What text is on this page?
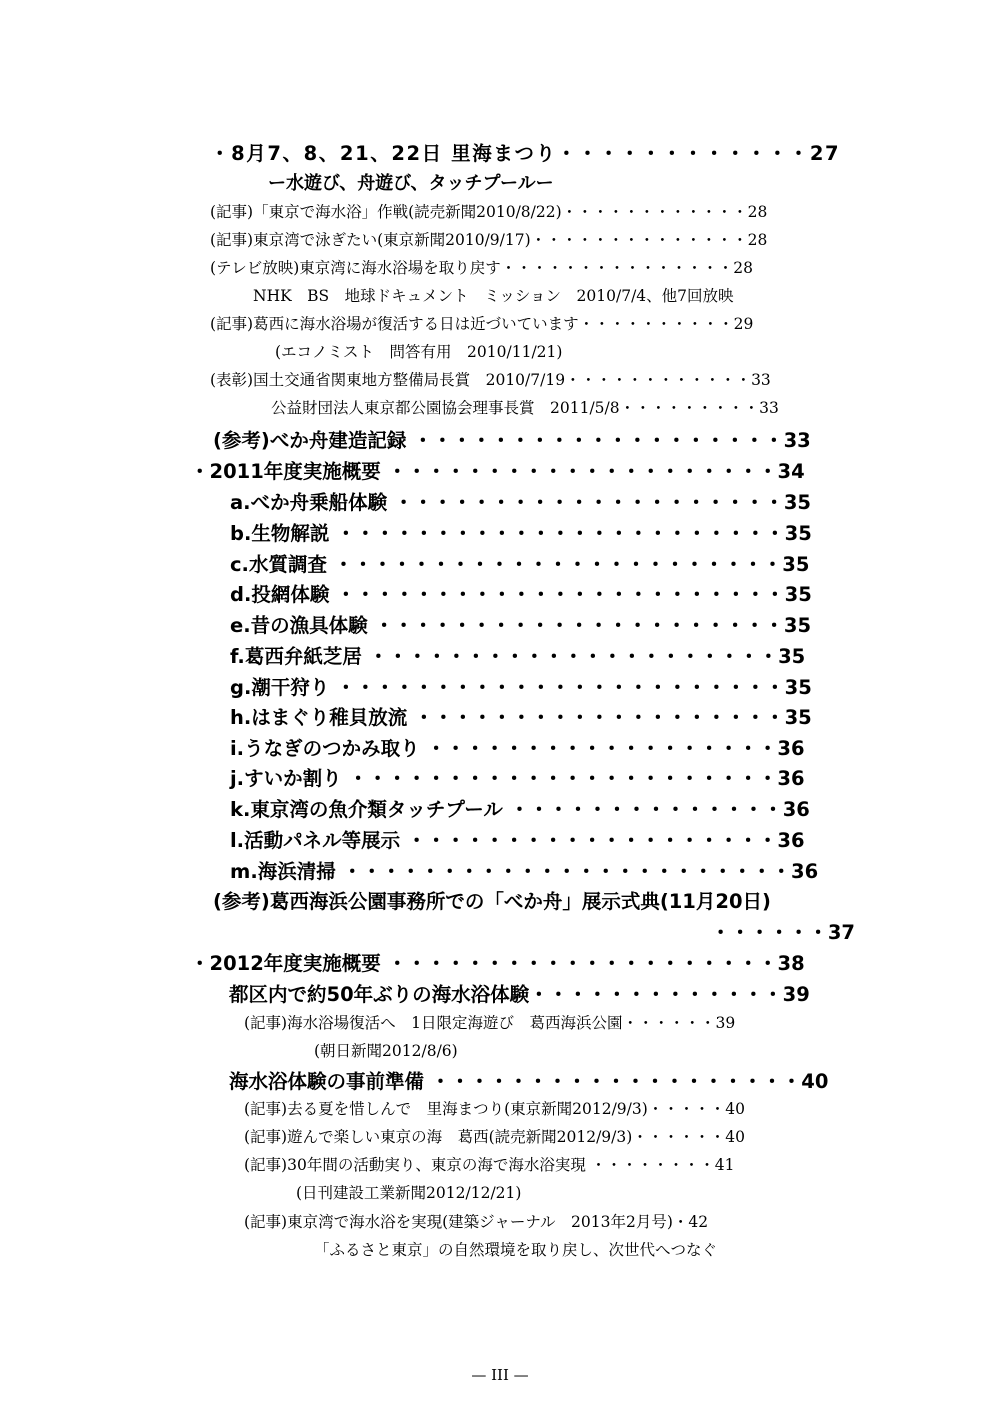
・8月7、8、21、22日 里海まつり・・・・・・・・・・・・27
ー水遊び、舟遊び、タッチプールー
(記事)「東京で海水浴」作戦(読売新聞2010/8/22)・・・・・・・・・・・・28
(記事)東京湾で泳ぎたい(東京新聞2010/9/17)・・・・・・・・・・・・・・28
(テレビ放映)東京湾に海水浴場を取り戻す・・・・・・・・・・・・・・・28
NHK　BS　地球ドキュメント　ミッション　2010/7/4、他7回放映
(記事)葛西に海水浴場が復活する日は近づいています・・・・・・・・・・29
(エコノミスト　問答有用　2010/11/21)
(表彰)国土交通省関東地方整備局長賞　2010/7/19・・・・・・・・・・・・33
公益財団法人東京都公園協会理事長賞　2011/5/8・・・・・・・・・33
(参考)べか舟建造記録 ・・・・・・・・・・・・・・・・・・・33
・2011年度実施概要 ・・・・・・・・・・・・・・・・・・・・34
a.べか舟乗船体験 ・・・・・・・・・・・・・・・・・・・・35
b.生物解説 ・・・・・・・・・・・・・・・・・・・・・・・35
c.水質調査 ・・・・・・・・・・・・・・・・・・・・・・・35
d.投網体験 ・・・・・・・・・・・・・・・・・・・・・・・35
e.昔の漁具体験 ・・・・・・・・・・・・・・・・・・・・・35
f.葛西弁紙芝居 ・・・・・・・・・・・・・・・・・・・・・35
g.潮干狩り ・・・・・・・・・・・・・・・・・・・・・・・35
h.はまぐり稚貝放流 ・・・・・・・・・・・・・・・・・・・35
i.うなぎのつかみ取り ・・・・・・・・・・・・・・・・・・36
j.すいか割り ・・・・・・・・・・・・・・・・・・・・・・36
k.東京湾の魚介類タッチプール ・・・・・・・・・・・・・・36
l.活動パネル等展示 ・・・・・・・・・・・・・・・・・・・36
m.海浜清掃 ・・・・・・・・・・・・・・・・・・・・・・・36
(参考)葛西海浜公園事務所での「べか舟」展示式典(11月20日)
・・・・・・37
・2012年度実施概要 ・・・・・・・・・・・・・・・・・・・・38
都区内で約50年ぶりの海水浴体験・・・・・・・・・・・・・39
(記事)海水浴場復活へ　1日限定海遊び　葛西海浜公園・・・・・・39
(朝日新聞2012/8/6)
海水浴体験の事前準備 ・・・・・・・・・・・・・・・・・・・40
(記事)去る夏を惜しんで　里海まつり(東京新聞2012/9/3)・・・・・40
(記事)遊んで楽しい東京の海　葛西(読売新聞2012/9/3)・・・・・・40
(記事)30年間の活動実り、東京の海で海水浴実現 ・・・・・・・・41
(日刊建設工業新聞2012/12/21)
(記事)東京湾で海水浴を実現(建築ジャーナル　2013年2月号)・42
「ふるさと東京」の自然環境を取り戻し、次世代へつなぐ
— III —
